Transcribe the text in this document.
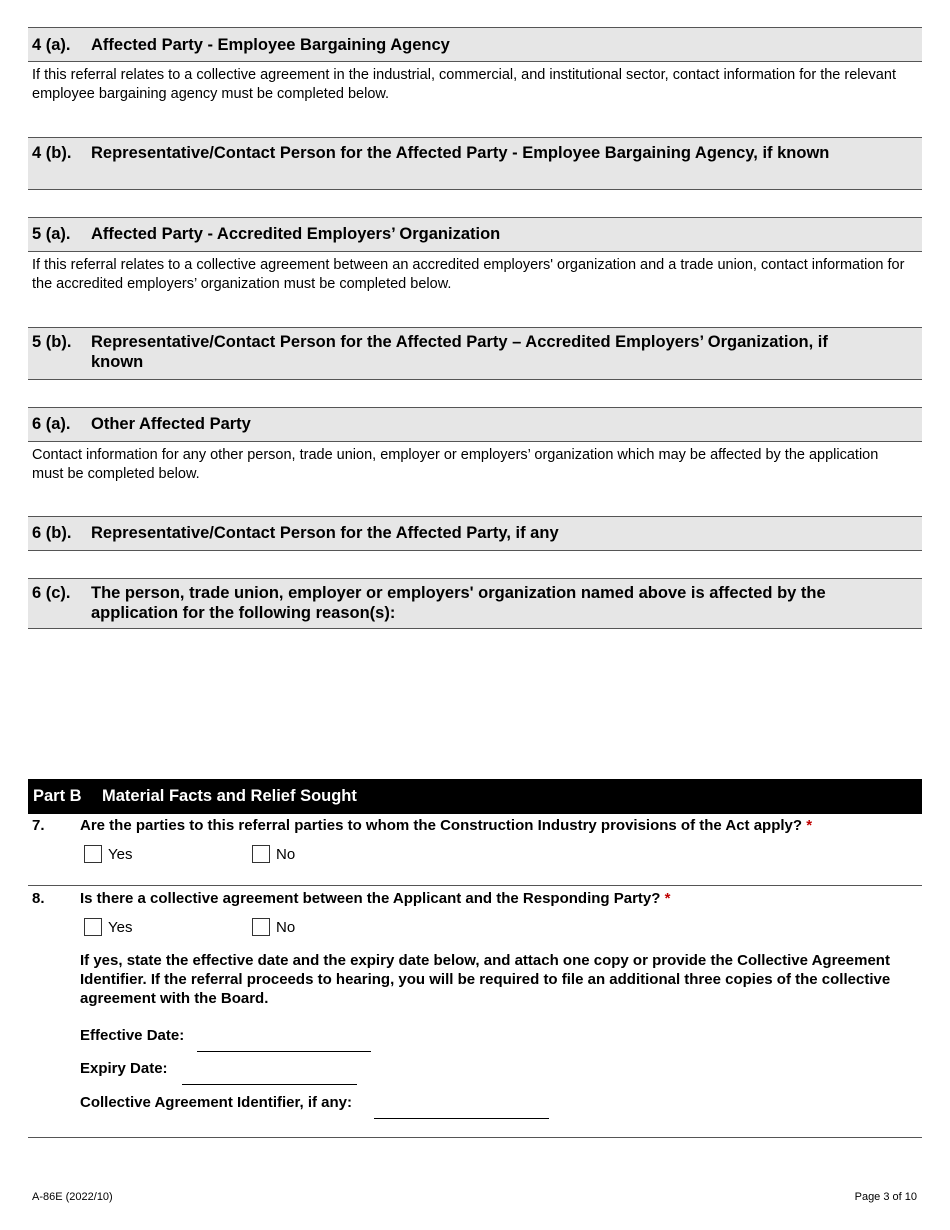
4 (a). Affected Party - Employee Bargaining Agency
If this referral relates to a collective agreement in the industrial, commercial, and institutional sector, contact information for the relevant employee bargaining agency must be completed below.
4 (b). Representative/Contact Person for the Affected Party - Employee Bargaining Agency, if known
5 (a). Affected Party - Accredited Employers’ Organization
If this referral relates to a collective agreement between an accredited employers' organization and a trade union, contact information for the accredited employers’ organization must be completed below.
5 (b). Representative/Contact Person for the Affected Party – Accredited Employers’ Organization, if known
6 (a). Other Affected Party
Contact information for any other person, trade union, employer or employers’ organization which may be affected by the application must be completed below.
6 (b). Representative/Contact Person for the Affected Party, if any
6 (c). The person, trade union, employer or employers' organization named above is affected by the application for the following reason(s):
Part B Material Facts and Relief Sought
7. Are the parties to this referral parties to whom the Construction Industry provisions of the Act apply? *
Yes	No
8. Is there a collective agreement between the Applicant and the Responding Party? *
Yes	No
If yes, state the effective date and the expiry date below, and attach one copy or provide the Collective Agreement Identifier. If the referral proceeds to hearing, you will be required to file an additional three copies of the collective agreement with the Board.
Effective Date:
Expiry Date:
Collective Agreement Identifier, if any:
A-86E (2022/10)	Page 3 of 10
